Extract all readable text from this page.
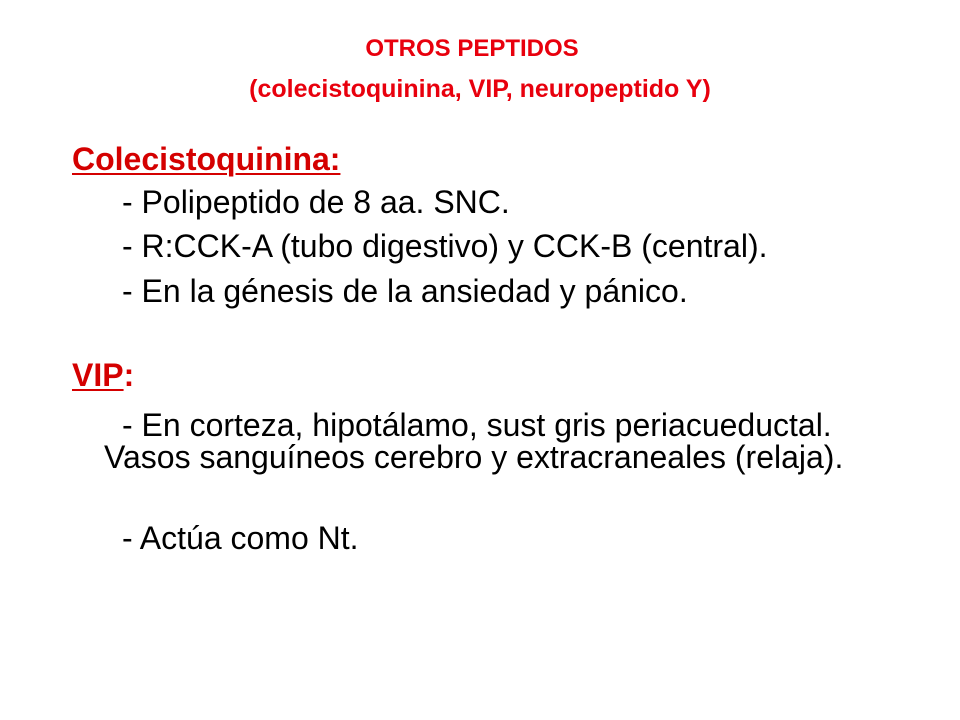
OTROS PEPTIDOS
(colecistoquinina, VIP, neuropeptido Y)
Colecistoquinina:
- Polipeptido de 8 aa. SNC.
- R:CCK-A (tubo digestivo) y CCK-B (central).
- En la génesis de la ansiedad y pánico.
VIP:
- En corteza, hipotálamo, sust gris periacueductal. Vasos sanguíneos cerebro y extracraneales (relaja).
- Actúa como Nt.
